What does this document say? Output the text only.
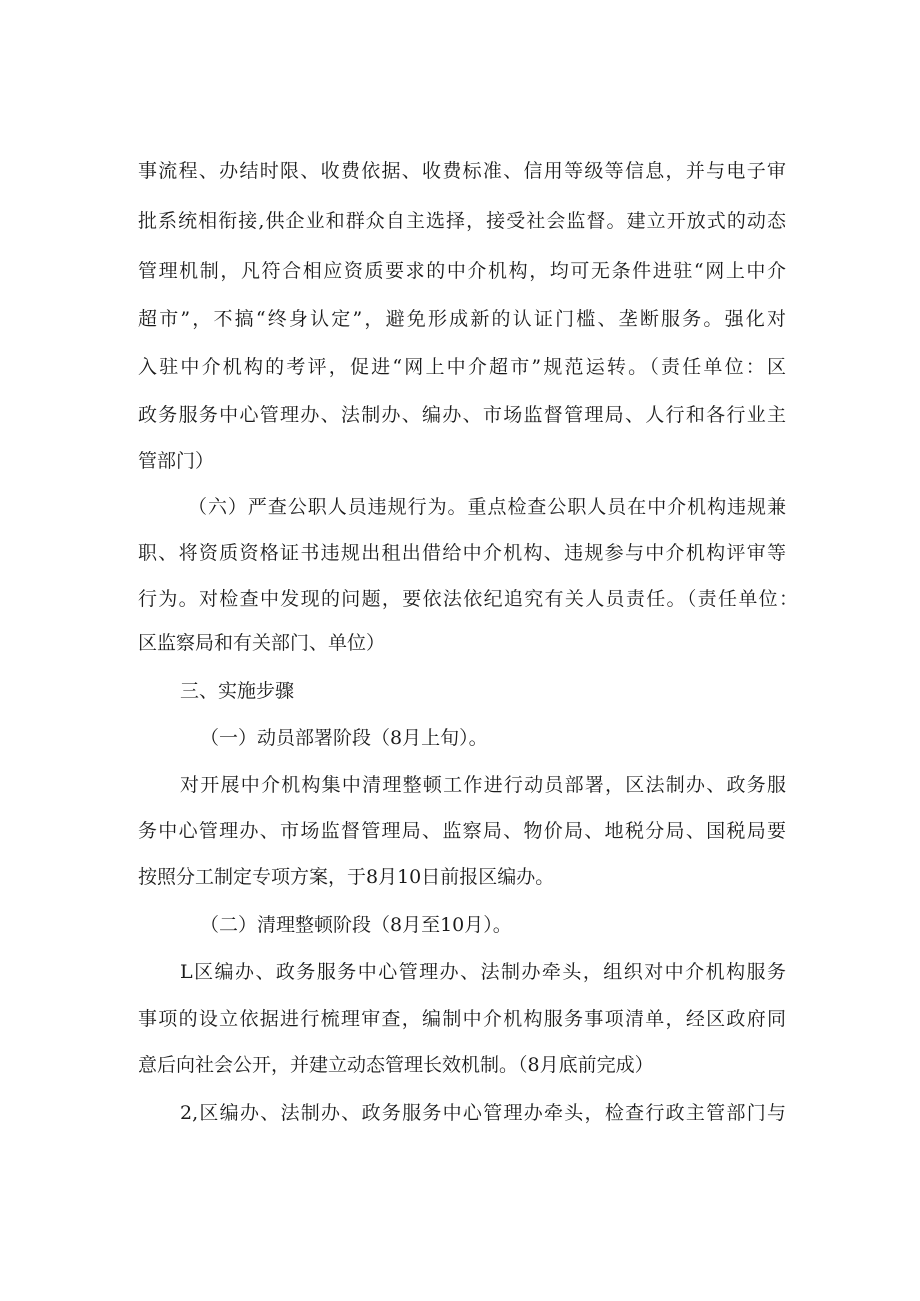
事流程、办结时限、收费依据、收费标准、信用等级等信息，并与电子审
批系统相衔接,供企业和群众自主选择，接受社会监督。建立开放式的动态
管理机制，凡符合相应资质要求的中介机构，均可无条件进驻“网上中介
超市”，不搞“终身认定”，避免形成新的认证门槛、垄断服务。强化对
入驻中介机构的考评，促进“网上中介超市”规范运转。（责任单位：区
政务服务中心管理办、法制办、编办、市场监督管理局、人行和各行业主
管部门）
（六）严查公职人员违规行为。重点检查公职人员在中介机构违规兼
职、将资质资格证书违规出租出借给中介机构、违规参与中介机构评审等
行为。对检查中发现的问题，要依法依纪追究有关人员责任。（责任单位：
区监察局和有关部门、单位）
三、实施步骤
（一）动员部署阶段（8月上旬）。
对开展中介机构集中清理整顿工作进行动员部署，区法制办、政务服
务中心管理办、市场监督管理局、监察局、物价局、地税分局、国税局要
按照分工制定专项方案，于8月10日前报区编办。
（二）清理整顿阶段（8月至10月）。
L区编办、政务服务中心管理办、法制办牵头，组织对中介机构服务
事项的设立依据进行梳理审查，编制中介机构服务事项清单，经区政府同
意后向社会公开，并建立动态管理长效机制。（8月底前完成）
2,区编办、法制办、政务服务中心管理办牵头，检查行政主管部门与
